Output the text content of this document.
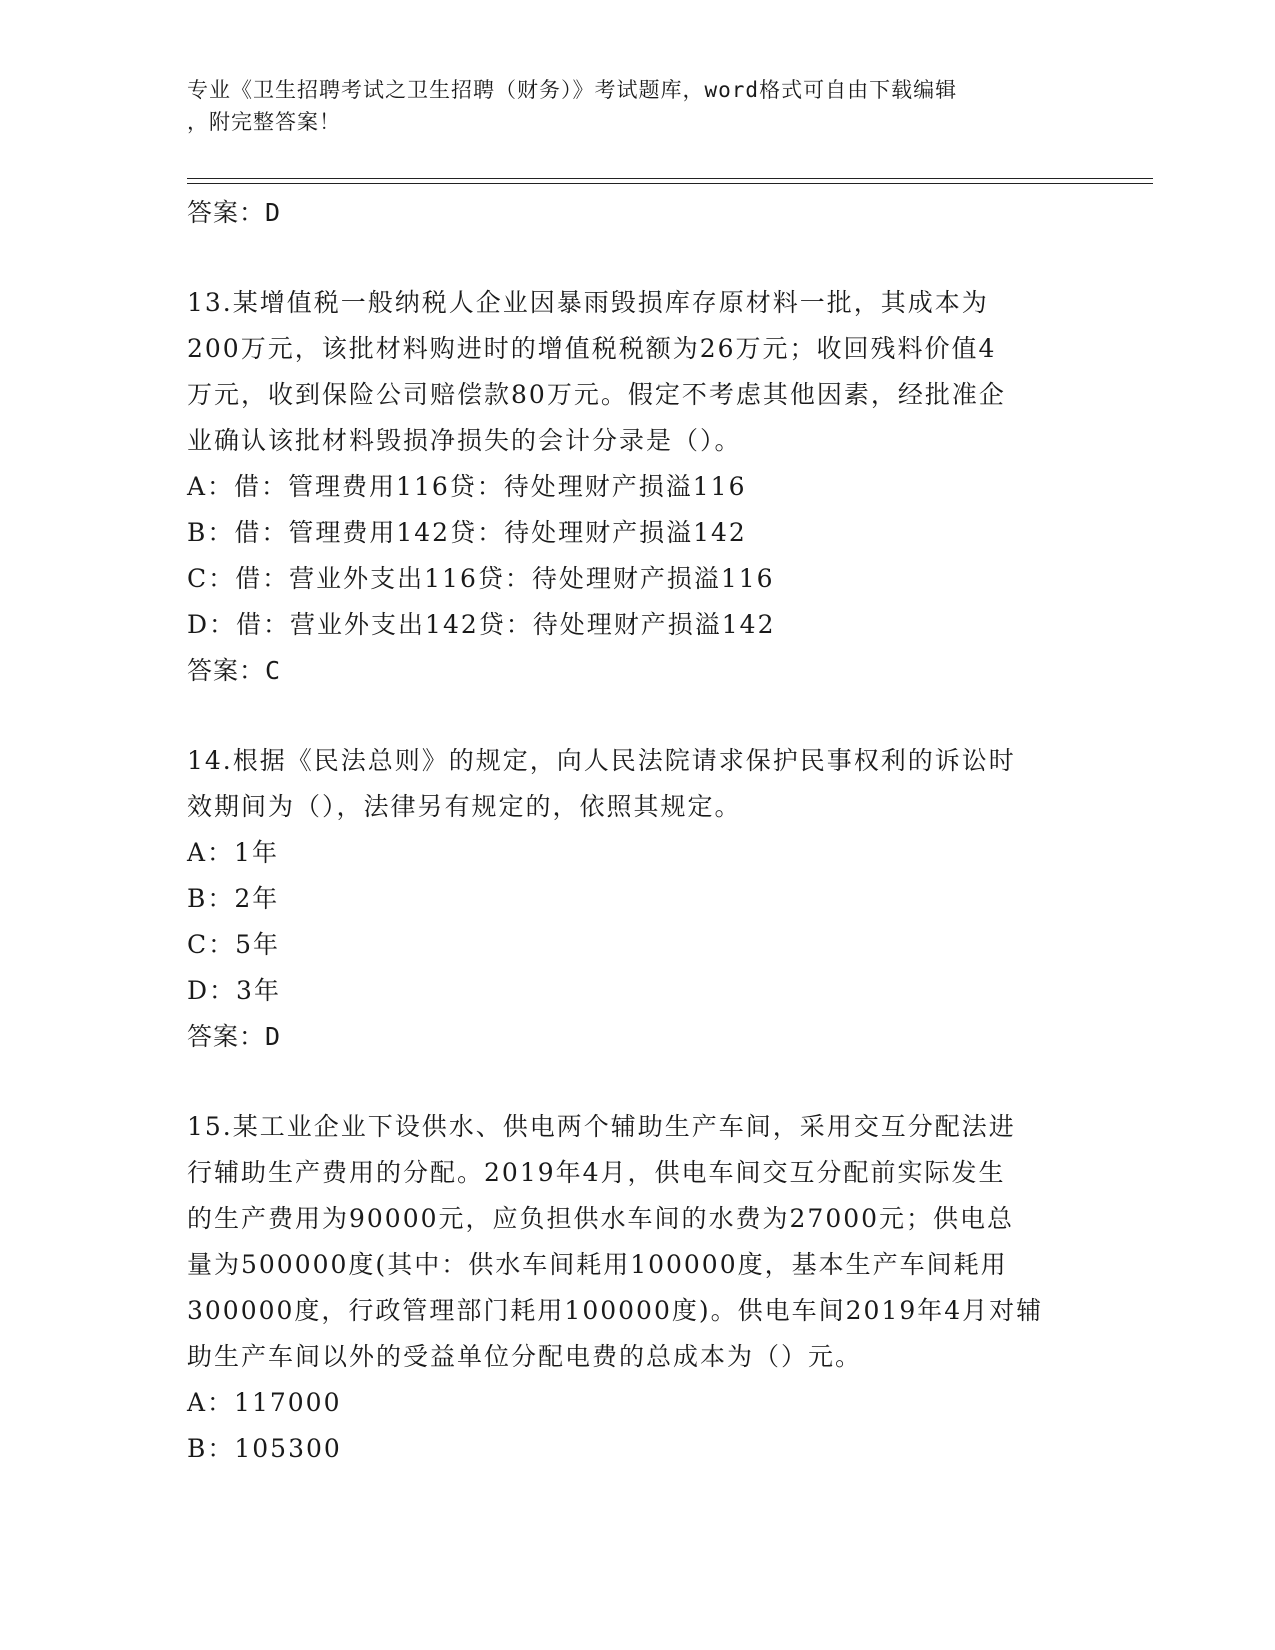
专业《卫生招聘考试之卫生招聘（财务）》考试题库，word格式可自由下载编辑
，附完整答案！
答案：D
13.某增值税一般纳税人企业因暴雨毁损库存原材料一批，其成本为
200万元，该批材料购进时的增值税税额为26万元；收回残料价值4
万元，收到保险公司赔偿款80万元。假定不考虑其他因素，经批准企
业确认该批材料毁损净损失的会计分录是（）。
A：借：管理费用116贷：待处理财产损溢116
B：借：管理费用142贷：待处理财产损溢142
C：借：营业外支出116贷：待处理财产损溢116
D：借：营业外支出142贷：待处理财产损溢142
答案：C
14.根据《民法总则》的规定，向人民法院请求保护民事权利的诉讼时
效期间为（），法律另有规定的，依照其规定。
A：1年
B：2年
C：5年
D：3年
答案：D
15.某工业企业下设供水、供电两个辅助生产车间，采用交互分配法进
行辅助生产费用的分配。2019年4月，供电车间交互分配前实际发生
的生产费用为90000元，应负担供水车间的水费为27000元；供电总
量为500000度(其中：供水车间耗用100000度，基本生产车间耗用
300000度，行政管理部门耗用100000度)。供电车间2019年4月对辅
助生产车间以外的受益单位分配电费的总成本为（）元。
A：117000
B：105300
